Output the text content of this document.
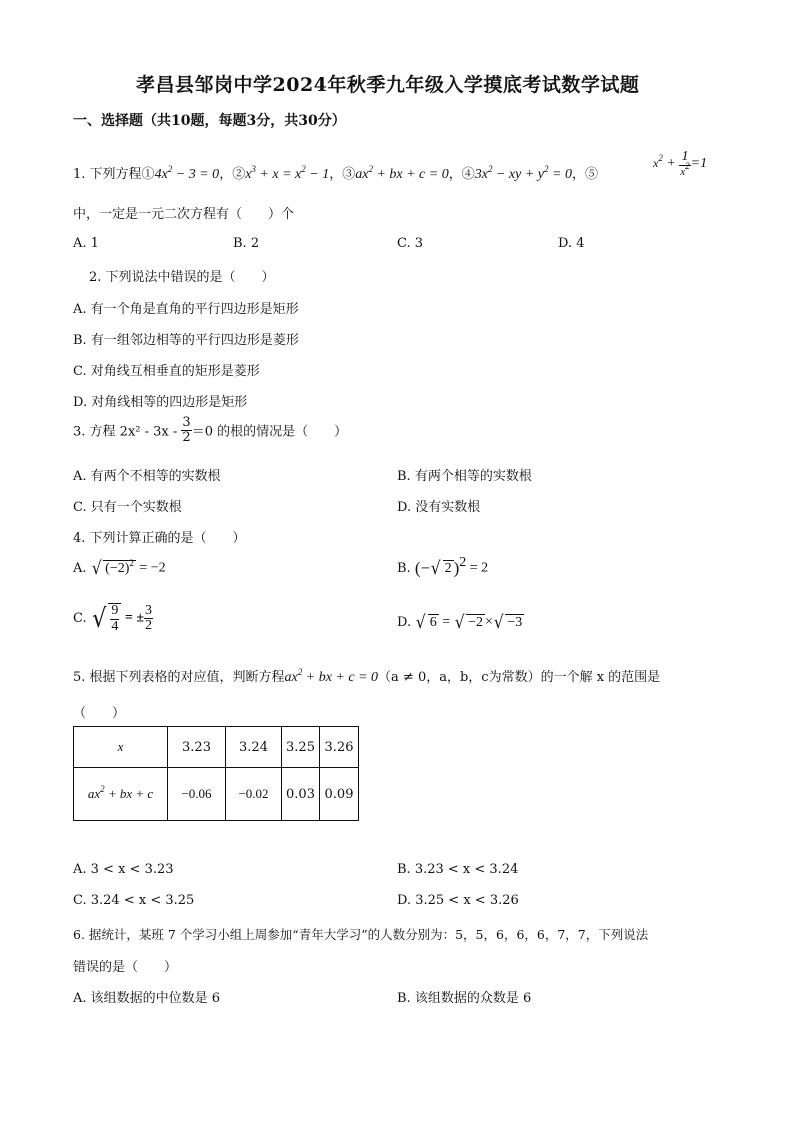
孝昌县邹岗中学2024年秋季九年级入学摸底考试数学试题
一、选择题（共10题，每题3分，共30分）
1. 下列方程$①4x^2 - 3 = 0$，$②x^3 + x = x^2 - 1$，$③ax^2$ + bx + c = 0，$④3x^2$ − xy + $y^2 = 0$，⑤
$x^2 + \frac{1}{x^2} =1$
中，一定是一元二次方程有（　　）个
A. 1	B. 2	C. 3	D. 4
2. 下列说法中错误的是（　　）
A. 有一个角是直角的平行四边形是矩形
B. 有一组邻边相等的平行四边形是菱形
C. 对角线互相垂直的矩形是菱形
D. 对角线相等的四边形是矩形
3. 方程 $2x^2 - 3x - \frac{3}{2} =0$ 的根的情况是（　　）
A. 有两个不相等的实数根	B. 有两个相等的实数根
C. 只有一个实数根	D. 没有实数根
4. 下列计算正确的是（　　）
A. √ $(-2)^2 = -2$	B. (−√ 2 )$^2$ = 2
C. √ $\frac{9}{4}$ = ± $\frac{3}{2}$	D. √ 6 = √ −2 ×√ −3
5. 根据下列表格的对应值，判断方程$ax^2$ + bx + c = 0（a ≠ 0，a，b，c为常数）的一个解 x 的范围是
（　　）
x	3.23	3.24	3.25	3.26
$ax^2$ + bx + c	−0.06	−0.02	0.03	0.09
A. 3 < x < 3.23	B. 3.23 < x < 3.24
C. 3.24 < x < 3.25	D. 3.25 < x < 3.26
6. 据统计，某班 7 个学习小组上周参加“青年大学习”的人数分别为：5，5，6，6，6，7，7，下列说法
错误的是（　　）
A. 该组数据的中位数是 6	B. 该组数据的众数是 6
